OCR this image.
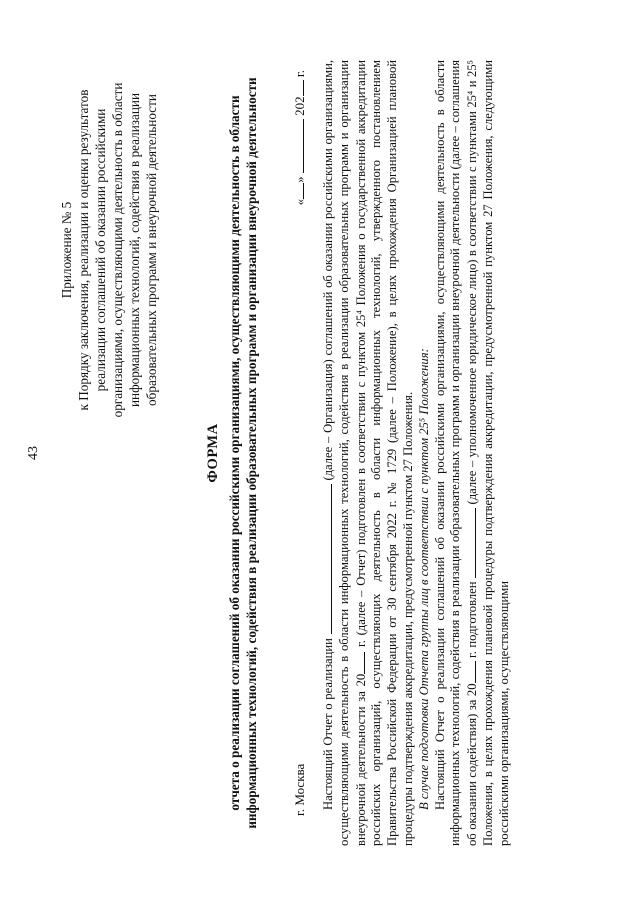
43
Приложение № 5 к Порядку заключения, реализации и оценки результатов реализации соглашений об оказании российскими организациями, осуществляющими деятельность в области информационных технологий, содействия в реализации образовательных программ и внеурочной деятельности
ФОРМА отчета о реализации соглашений об оказании российскими организациями, осуществляющими деятельность в области информационных технологий, содействия в реализации образовательных программ и организации внеурочной деятельности	г. Москва
«»  202 г.

Настоящий Отчет о реализации  (далее – Организация) соглашений об оказании российскими организациями, осуществляющими деятельность в области информационных технологий, содействия в реализации образовательных программ и организации внеурочной деятельности за 20 г. (далее – Отчет) подготовлен в соответствии с пунктом 25⁴ Положения о государственной аккредитации российских организаций, осуществляющих деятельность в области информационных технологий, утвержденного постановлением Правительства Российской Федерации от 30 сентября 2022 г. № 1729 (далее – Положение), в целях прохождения Организацией плановой процедуры подтверждения аккредитации, предусмотренной пунктом 27 Положения. В случае подготовки Отчета группы лиц в соответствии с пунктом 25⁵ Положения: Настоящий Отчет о реализации соглашений об оказании российскими организациями, осуществляющими деятельность в области информационных технологий, содействия в реализации образовательных программ и организации внеурочной деятельности (далее – соглашения об оказании содействия) за 20 г. подготовлен  (далее – уполномоченное юридическое лицо) в соответствии с пунктами 25⁴ и 25⁵ Положения, в целях прохождения плановой процедуры подтверждения аккредитации, предусмотренной пунктом 27 Положения, следующими российскими организациями, осуществляющими
